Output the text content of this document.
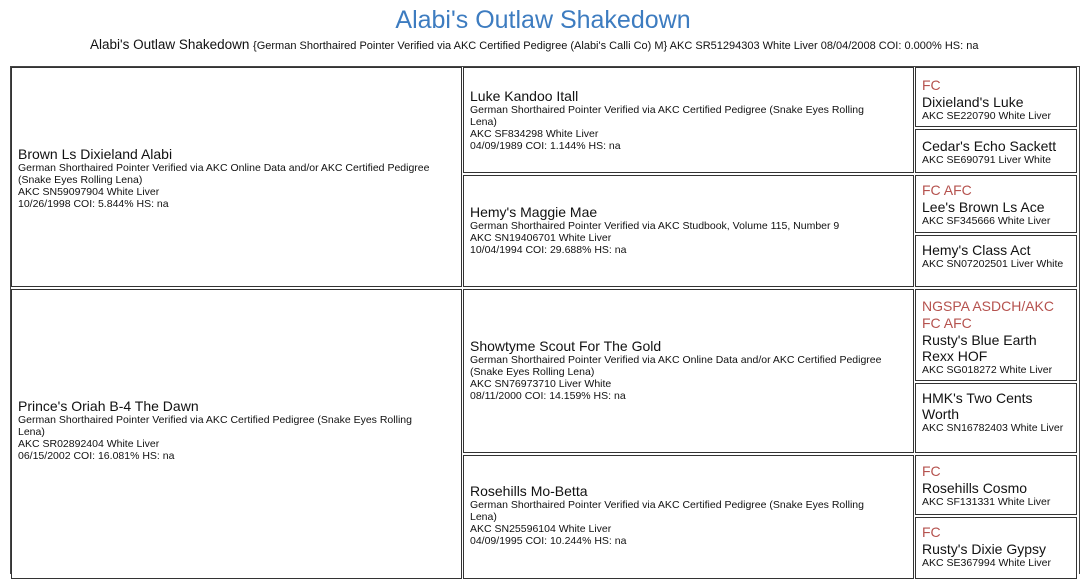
Alabi's Outlaw Shakedown
Alabi's Outlaw Shakedown {German Shorthaired Pointer Verified via AKC Certified Pedigree (Alabi's Calli Co) M} AKC SR51294303 White Liver 08/04/2008 COI: 0.000% HS: na
Brown Ls Dixieland Alabi
German Shorthaired Pointer Verified via AKC Online Data and/or AKC Certified Pedigree (Snake Eyes Rolling Lena)
AKC SN59097904 White Liver
10/26/1998 COI: 5.844% HS: na
Prince's Oriah B-4 The Dawn
German Shorthaired Pointer Verified via AKC Certified Pedigree (Snake Eyes Rolling Lena)
AKC SR02892404 White Liver
06/15/2002 COI: 16.081% HS: na
Luke Kandoo Itall
German Shorthaired Pointer Verified via AKC Certified Pedigree (Snake Eyes Rolling Lena)
AKC SF834298 White Liver
04/09/1989 COI: 1.144% HS: na
Hemy's Maggie Mae
German Shorthaired Pointer Verified via AKC Studbook, Volume 115, Number 9
AKC SN19406701 White Liver
10/04/1994 COI: 29.688% HS: na
Showtyme Scout For The Gold
German Shorthaired Pointer Verified via AKC Online Data and/or AKC Certified Pedigree (Snake Eyes Rolling Lena)
AKC SN76973710 Liver White
08/11/2000 COI: 14.159% HS: na
Rosehills Mo-Betta
German Shorthaired Pointer Verified via AKC Certified Pedigree (Snake Eyes Rolling Lena)
AKC SN25596104 White Liver
04/09/1995 COI: 10.244% HS: na
FC
Dixieland's Luke
AKC SE220790 White Liver
Cedar's Echo Sackett
AKC SE690791 Liver White
FC AFC
Lee's Brown Ls Ace
AKC SF345666 White Liver
Hemy's Class Act
AKC SN07202501 Liver White
NGSPA ASDCH/AKC FC AFC
Rusty's Blue Earth Rexx HOF
AKC SG018272 White Liver
HMK's Two Cents Worth
AKC SN16782403 White Liver
FC
Rosehills Cosmo
AKC SF131331 White Liver
FC
Rusty's Dixie Gypsy
AKC SE367994 White Liver
